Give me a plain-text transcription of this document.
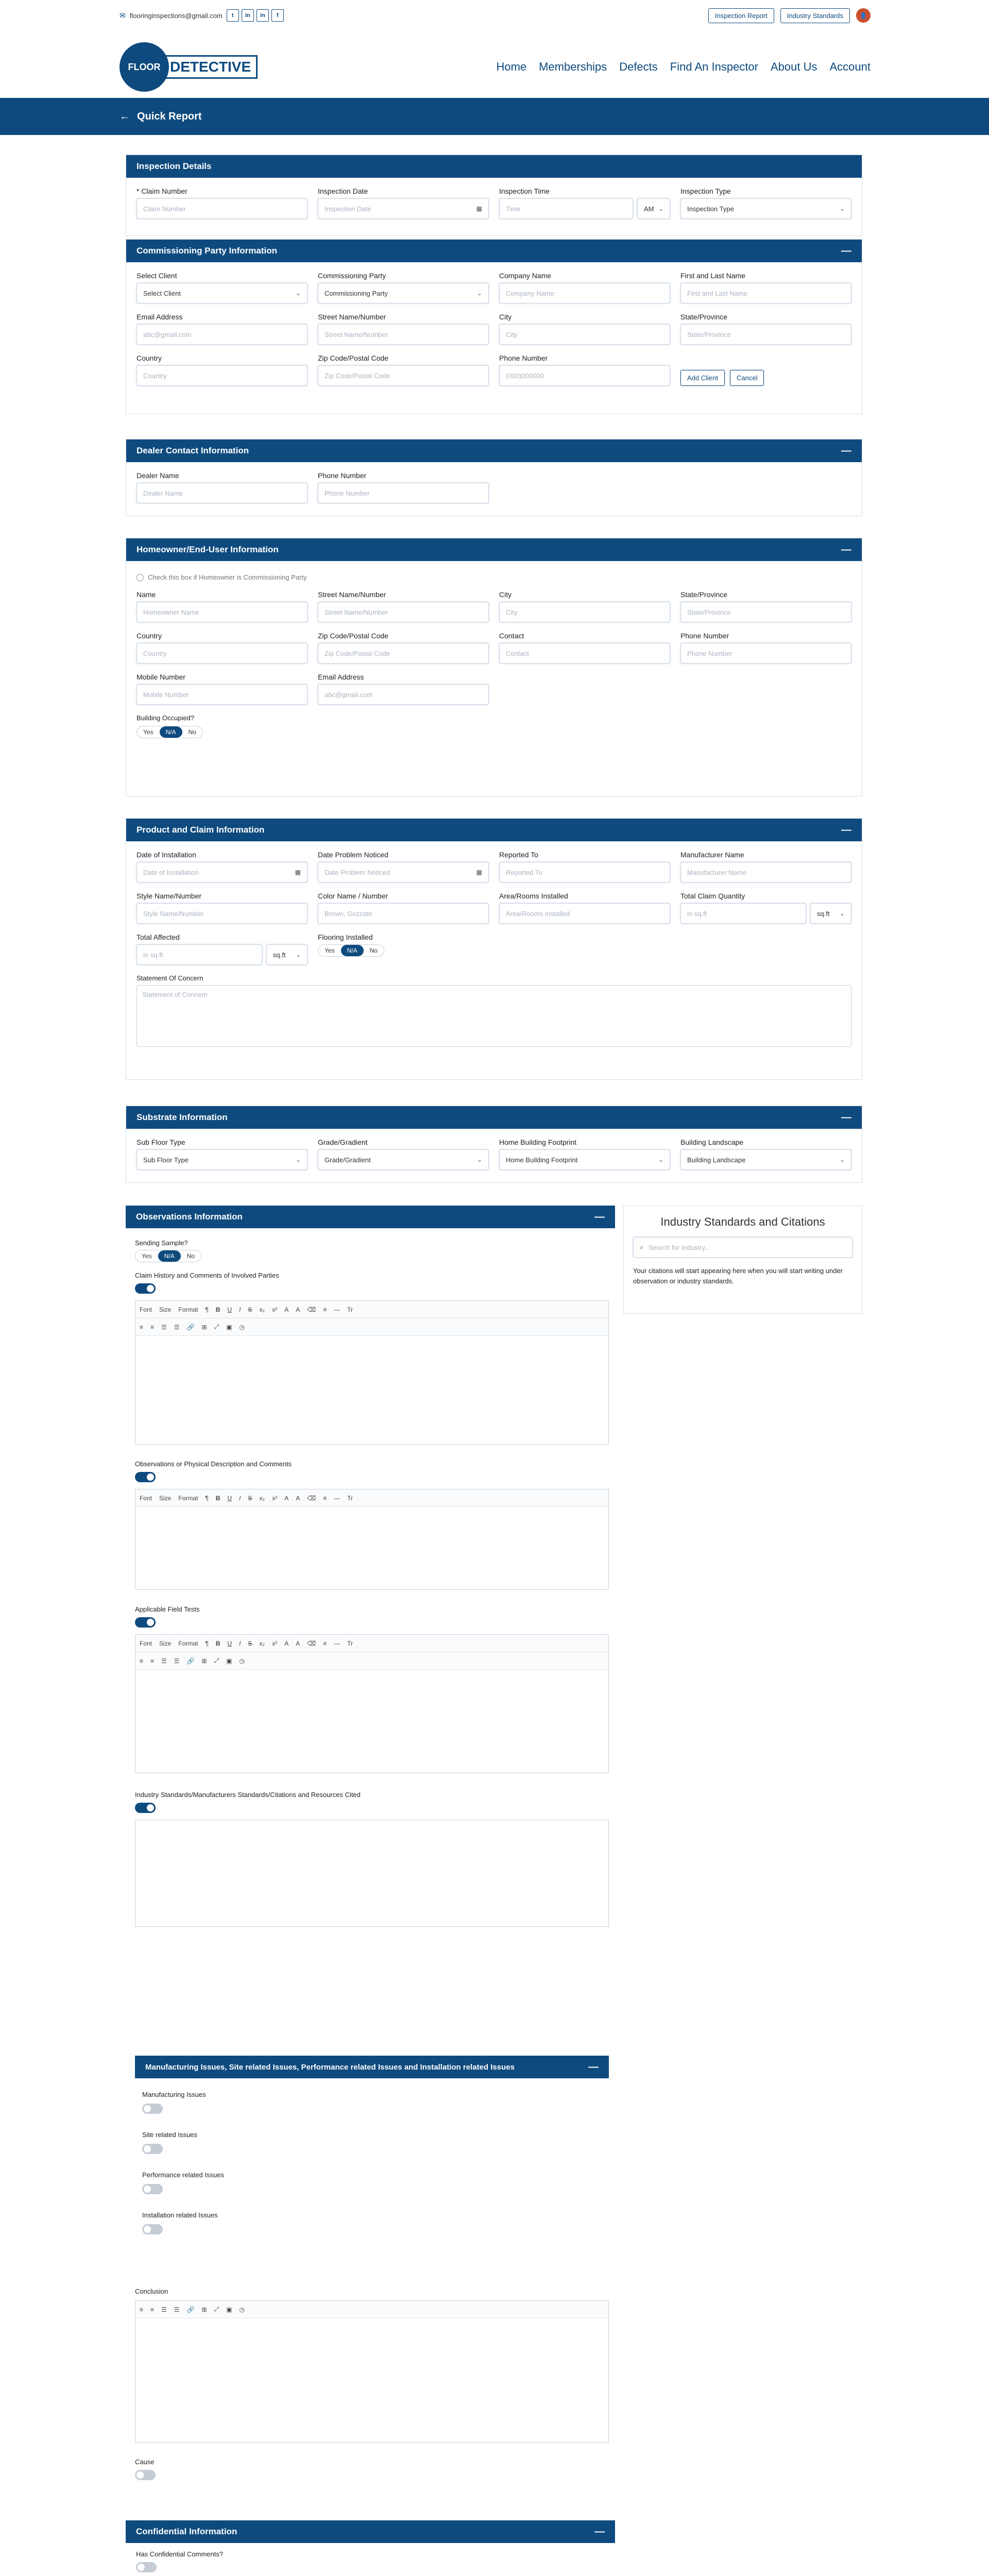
✉ flooringinspections@gmail.com	t	in	in	f	Inspection Report	Industry Standards	👤
FLOOR DETECTIVE	Home Memberships Defects Find An Inspector About Us Account
← Quick Report
Inspection Details
* Claim Number
Claim Number
Inspection Date
Inspection Date	▦
Inspection Time
Time	AM ⌄
Inspection Type
Inspection Type	⌄
Commissioning Party Information	—
Select Client
Select Client	⌄
Commissioning Party
Commissioning Party	⌄
Company Name
Company Name
First and Last Name
First and Last Name
Email Address
abc@gmail.com
Street Name/Number
Street Name/Number
City
City
State/Province
State/Province
Country
Country
Zip Code/Postal Code
Zip Code/Postal Code
Phone Number
(000)000000	Add Client	Cancel
Dealer Contact Information	—
Dealer Name
Dealer Name
Phone Number
Phone Number
Homeowner/End-User Information	—
Check this box if Homeowner is Commissioning Party
Name
Homeowner Name
Street Name/Number
Street Name/Number
City
City
State/Province
State/Province
Country
Country
Zip Code/Postal Code
Zip Code/Postal Code
Contact
Contact
Phone Number
Phone Number
Mobile Number
Mobile Number
Email Address
abc@gmail.com
Building Occupied?
Yes	N/A	No
Product and Claim Information	—
Date of Installation
Date of Installation	▦
Date Problem Noticed
Date Problem Noticed	▦
Reported To
Reported To
Manufacturer Name
Manufacturer Name
Style Name/Number
Style Name/Number
Color Name / Number
Brown, Grizzate
Area/Rooms Installed
Area/Rooms Installed
Total Claim Quantity
in sq.ft	sq.ft ⌄
Total Affected
in sq.ft	sq.ft ⌄
Flooring Installed
Yes	N/A	No
Statement Of Concern
Statement of Concern
Substrate Information	—
Sub Floor Type
Sub Floor Type	⌄
Grade/Gradient
Grade/Gradient	⌄
Home Building Footprint
Home Building Footprint	⌄
Building Landscape
Building Landscape	⌄
Observations Information	—	Industry Standards and Citations
⌕ Search for Industry...

Your citations will start appearing here when you will start writing under observation or industry standards.

Sending Sample?
Yes	N/A	No
Claim History and Comments of Involved Parties
Font Size Format ¶ B U I S x₂ x² A A ⌫ ≡ — Tr
≡ ≡ ☰ ☰ 🔗 ⊞ ⤢ ▣ ◷
Observations or Physical Description and Comments
Font Size Format ¶ B U I S x₂ x² A A ⌫ ≡ — Tr
Applicable Field Tests
Font Size Format ¶ B U I S x₂ x² A A ⌫ ≡ — Tr
≡ ≡ ☰ ☰ 🔗 ⊞ ⤢ ▣ ◷
Industry Standards/Manufacturers Standards/Citations and Resources Cited
Manufacturing Issues, Site related Issues, Performance related Issues and Installation related Issues	—
Manufacturing Issues
Site related Issues
Performance related Issues
Installation related Issues
Conclusion
≡ ≡ ☰ ☰ 🔗 ⊞ ⤢ ▣ ◷
Cause
Confidential Information	—
Has Confidential Comments?
